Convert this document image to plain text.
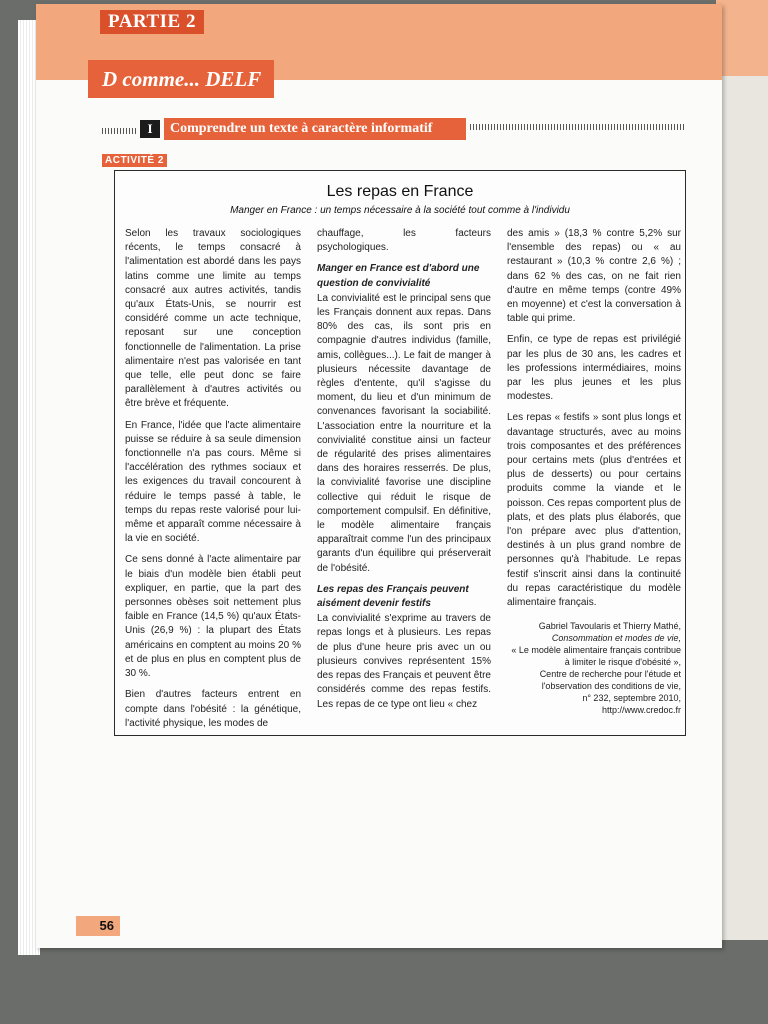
PARTIE 2
D comme... DELF
I	Comprendre un texte à caractère informatif
ACTIVITÉ 2
Les repas en France
Manger en France : un temps nécessaire à la société tout comme à l'individu

Selon les travaux sociologiques récents, le temps consacré à l'alimentation est abordé dans les pays latins comme une limite au temps consacré aux autres activités, tandis qu'aux États-Unis, se nourrir est considéré comme un acte technique, reposant sur une conception fonctionnelle de l'alimentation. La prise alimentaire n'est pas valorisée en tant que telle, elle peut donc se faire parallèlement à d'autres activités ou être brève et fréquente.

En France, l'idée que l'acte alimentaire puisse se réduire à sa seule dimension fonctionnelle n'a pas cours. Même si l'accélération des rythmes sociaux et les exigences du travail concourent à réduire le temps passé à table, le temps du repas reste valorisé pour lui-même et apparaît comme nécessaire à la vie en société.

Ce sens donné à l'acte alimentaire par le biais d'un modèle bien établi peut expliquer, en partie, que la part des personnes obèses soit nettement plus faible en France (14,5 %) qu'aux États-Unis (26,9 %) : la plupart des États américains en comptent au moins 20 % et de plus en plus en comptent plus de 30 %.

Bien d'autres facteurs entrent en compte dans l'obésité : la génétique, l'activité physique, les modes de

chauffage, les facteurs psychologiques.

Manger en France est d'abord une question de convivialité

La convivialité est le principal sens que les Français donnent aux repas. Dans 80% des cas, ils sont pris en compagnie d'autres individus (famille, amis, collègues...). Le fait de manger à plusieurs nécessite davantage de règles d'entente, qu'il s'agisse du moment, du lieu et d'un minimum de convenances favorisant la sociabilité. L'association entre la nourriture et la convivialité constitue ainsi un facteur de régularité des prises alimentaires dans des horaires resserrés. De plus, la convivialité favorise une discipline collective qui réduit le risque de comportement compulsif. En définitive, le modèle alimentaire français apparaîtrait comme l'un des principaux garants d'un équilibre qui préserverait de l'obésité.

Les repas des Français peuvent aisément devenir festifs

La convivialité s'exprime au travers de repas longs et à plusieurs. Les repas de plus d'une heure pris avec un ou plusieurs convives représentent 15% des repas des Français et peuvent être considérés comme des repas festifs. Les repas de ce type ont lieu « chez

des amis » (18,3 % contre 5,2% sur l'ensemble des repas) ou « au restaurant » (10,3 % contre 2,6 %) ; dans 62 % des cas, on ne fait rien d'autre en même temps (contre 49% en moyenne) et c'est la conversation à table qui prime.

Enfin, ce type de repas est privilégié par les plus de 30 ans, les cadres et les professions intermédiaires, moins par les plus jeunes et les plus modestes.

Les repas « festifs » sont plus longs et davantage structurés, avec au moins trois composantes et des préférences pour certains mets (plus d'entrées et plus de desserts) ou pour certains produits comme la viande et le poisson. Ces repas comportent plus de plats, et des plats plus élaborés, que l'on prépare avec plus d'attention, destinés à un plus grand nombre de personnes qu'à l'habitude. Le repas festif s'inscrit ainsi dans la continuité du repas caractéristique du modèle alimentaire français.

Gabriel Tavoularis et Thierry Mathé,
Consommation et modes de vie,
« Le modèle alimentaire français contribue à limiter le risque d'obésité »,
Centre de recherche pour l'étude et l'observation des conditions de vie,
n° 232, septembre 2010,
http://www.credoc.fr
56
